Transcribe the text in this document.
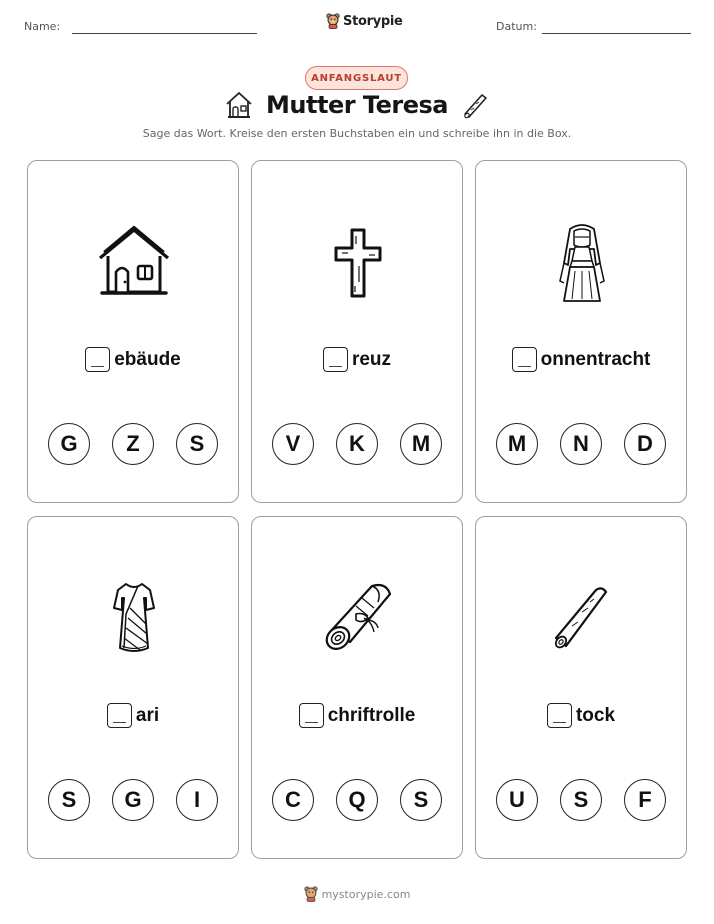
Name:	Storypie	Datum:
ANFANGSLAUT
Mutter Teresa
Sage das Wort. Kreise den ersten Buchstaben ein und schreibe ihn in die Box.
ebäude
G	Z	S
reuz
V	K	M
onnentracht
M	N	D
ari
S	G	I
chriftrolle
C	Q	S
tock
U	S	F
mystorypie.com
